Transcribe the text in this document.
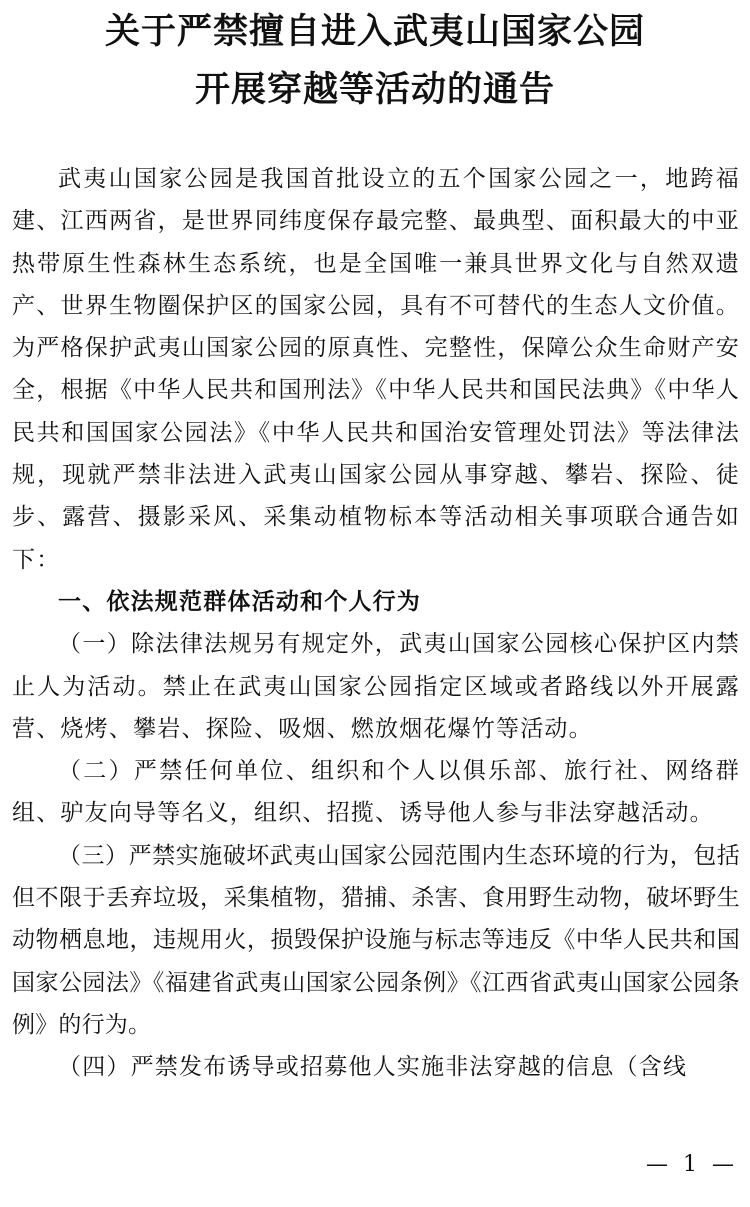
关于严禁擅自进入武夷山国家公园
开展穿越等活动的通告

武夷山国家公园是我国首批设立的五个国家公园之一，地跨福建、江西两省，是世界同纬度保存最完整、最典型、面积最大的中亚热带原生性森林生态系统，也是全国唯一兼具世界文化与自然双遗产、世界生物圈保护区的国家公园，具有不可替代的生态人文价值。为严格保护武夷山国家公园的原真性、完整性，保障公众生命财产安全，根据《中华人民共和国刑法》《中华人民共和国民法典》《中华人民共和国国家公园法》《中华人民共和国治安管理处罚法》等法律法规，现就严禁非法进入武夷山国家公园从事穿越、攀岩、探险、徒步、露营、摄影采风、采集动植物标本等活动相关事项联合通告如下：

一、依法规范群体活动和个人行为

（一）除法律法规另有规定外，武夷山国家公园核心保护区内禁止人为活动。禁止在武夷山国家公园指定区域或者路线以外开展露营、烧烤、攀岩、探险、吸烟、燃放烟花爆竹等活动。

（二）严禁任何单位、组织和个人以俱乐部、旅行社、网络群组、驴友向导等名义，组织、招揽、诱导他人参与非法穿越活动。

（三）严禁实施破坏武夷山国家公园范围内生态环境的行为，包括但不限于丢弃垃圾，采集植物，猎捕、杀害、食用野生动物，破坏野生动物栖息地，违规用火，损毁保护设施与标志等违反《中华人民共和国国家公园法》《福建省武夷山国家公园条例》《江西省武夷山国家公园条例》的行为。

（四）严禁发布诱导或招募他人实施非法穿越的信息（含线

— 1 —
